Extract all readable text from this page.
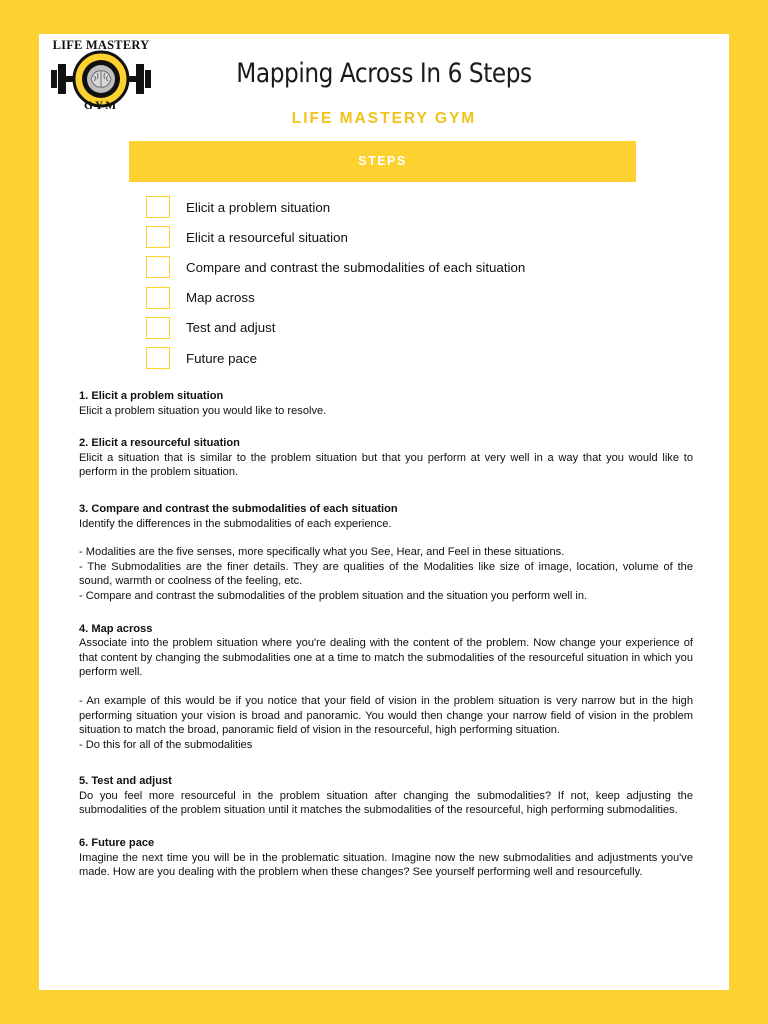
LIFE MASTERY
GYM
Mapping Across In 6 Steps
LIFE MASTERY GYM
STEPS
Elicit a problem situation
Elicit a resourceful situation
Compare and contrast the submodalities of each situation
Map across
Test and adjust
Future pace
1. Elicit a problem situation

Elicit a problem situation you would like to resolve.

2. Elicit a resourceful situation

Elicit a situation that is similar to the problem situation but that you perform at very well in a way that you would like to perform in the problem situation.

3. Compare and contrast the submodalities of each situation

Identify the differences in the submodalities of each experience.

- Modalities are the five senses, more specifically what you See, Hear, and Feel in these situations.

- The Submodalities are the finer details. They are qualities of the Modalities like size of image, location, volume of the sound, warmth or coolness of the feeling, etc.

- Compare and contrast the submodalities of the problem situation and the situation you perform well in.

4. Map across

Associate into the problem situation where you're dealing with the content of the problem. Now change your experience of that content by changing the submodalities one at a time to match the submodalities of the resourceful situation in which you perform well.

- An example of this would be if you notice that your field of vision in the problem situation is very narrow but in the high performing situation your vision is broad and panoramic. You would then change your narrow field of vision in the problem situation to match the broad, panoramic field of vision in the resourceful, high performing situation.

- Do this for all of the submodalities

5. Test and adjust

Do you feel more resourceful in the problem situation after changing the submodalities? If not, keep adjusting the submodalities of the problem situation until it matches the submodalities of the resourceful, high performing submodalities.

6. Future pace

Imagine the next time you will be in the problematic situation. Imagine now the new submodalities and adjustments you've made. How are you dealing with the problem when these changes? See yourself performing well and resourcefully.
